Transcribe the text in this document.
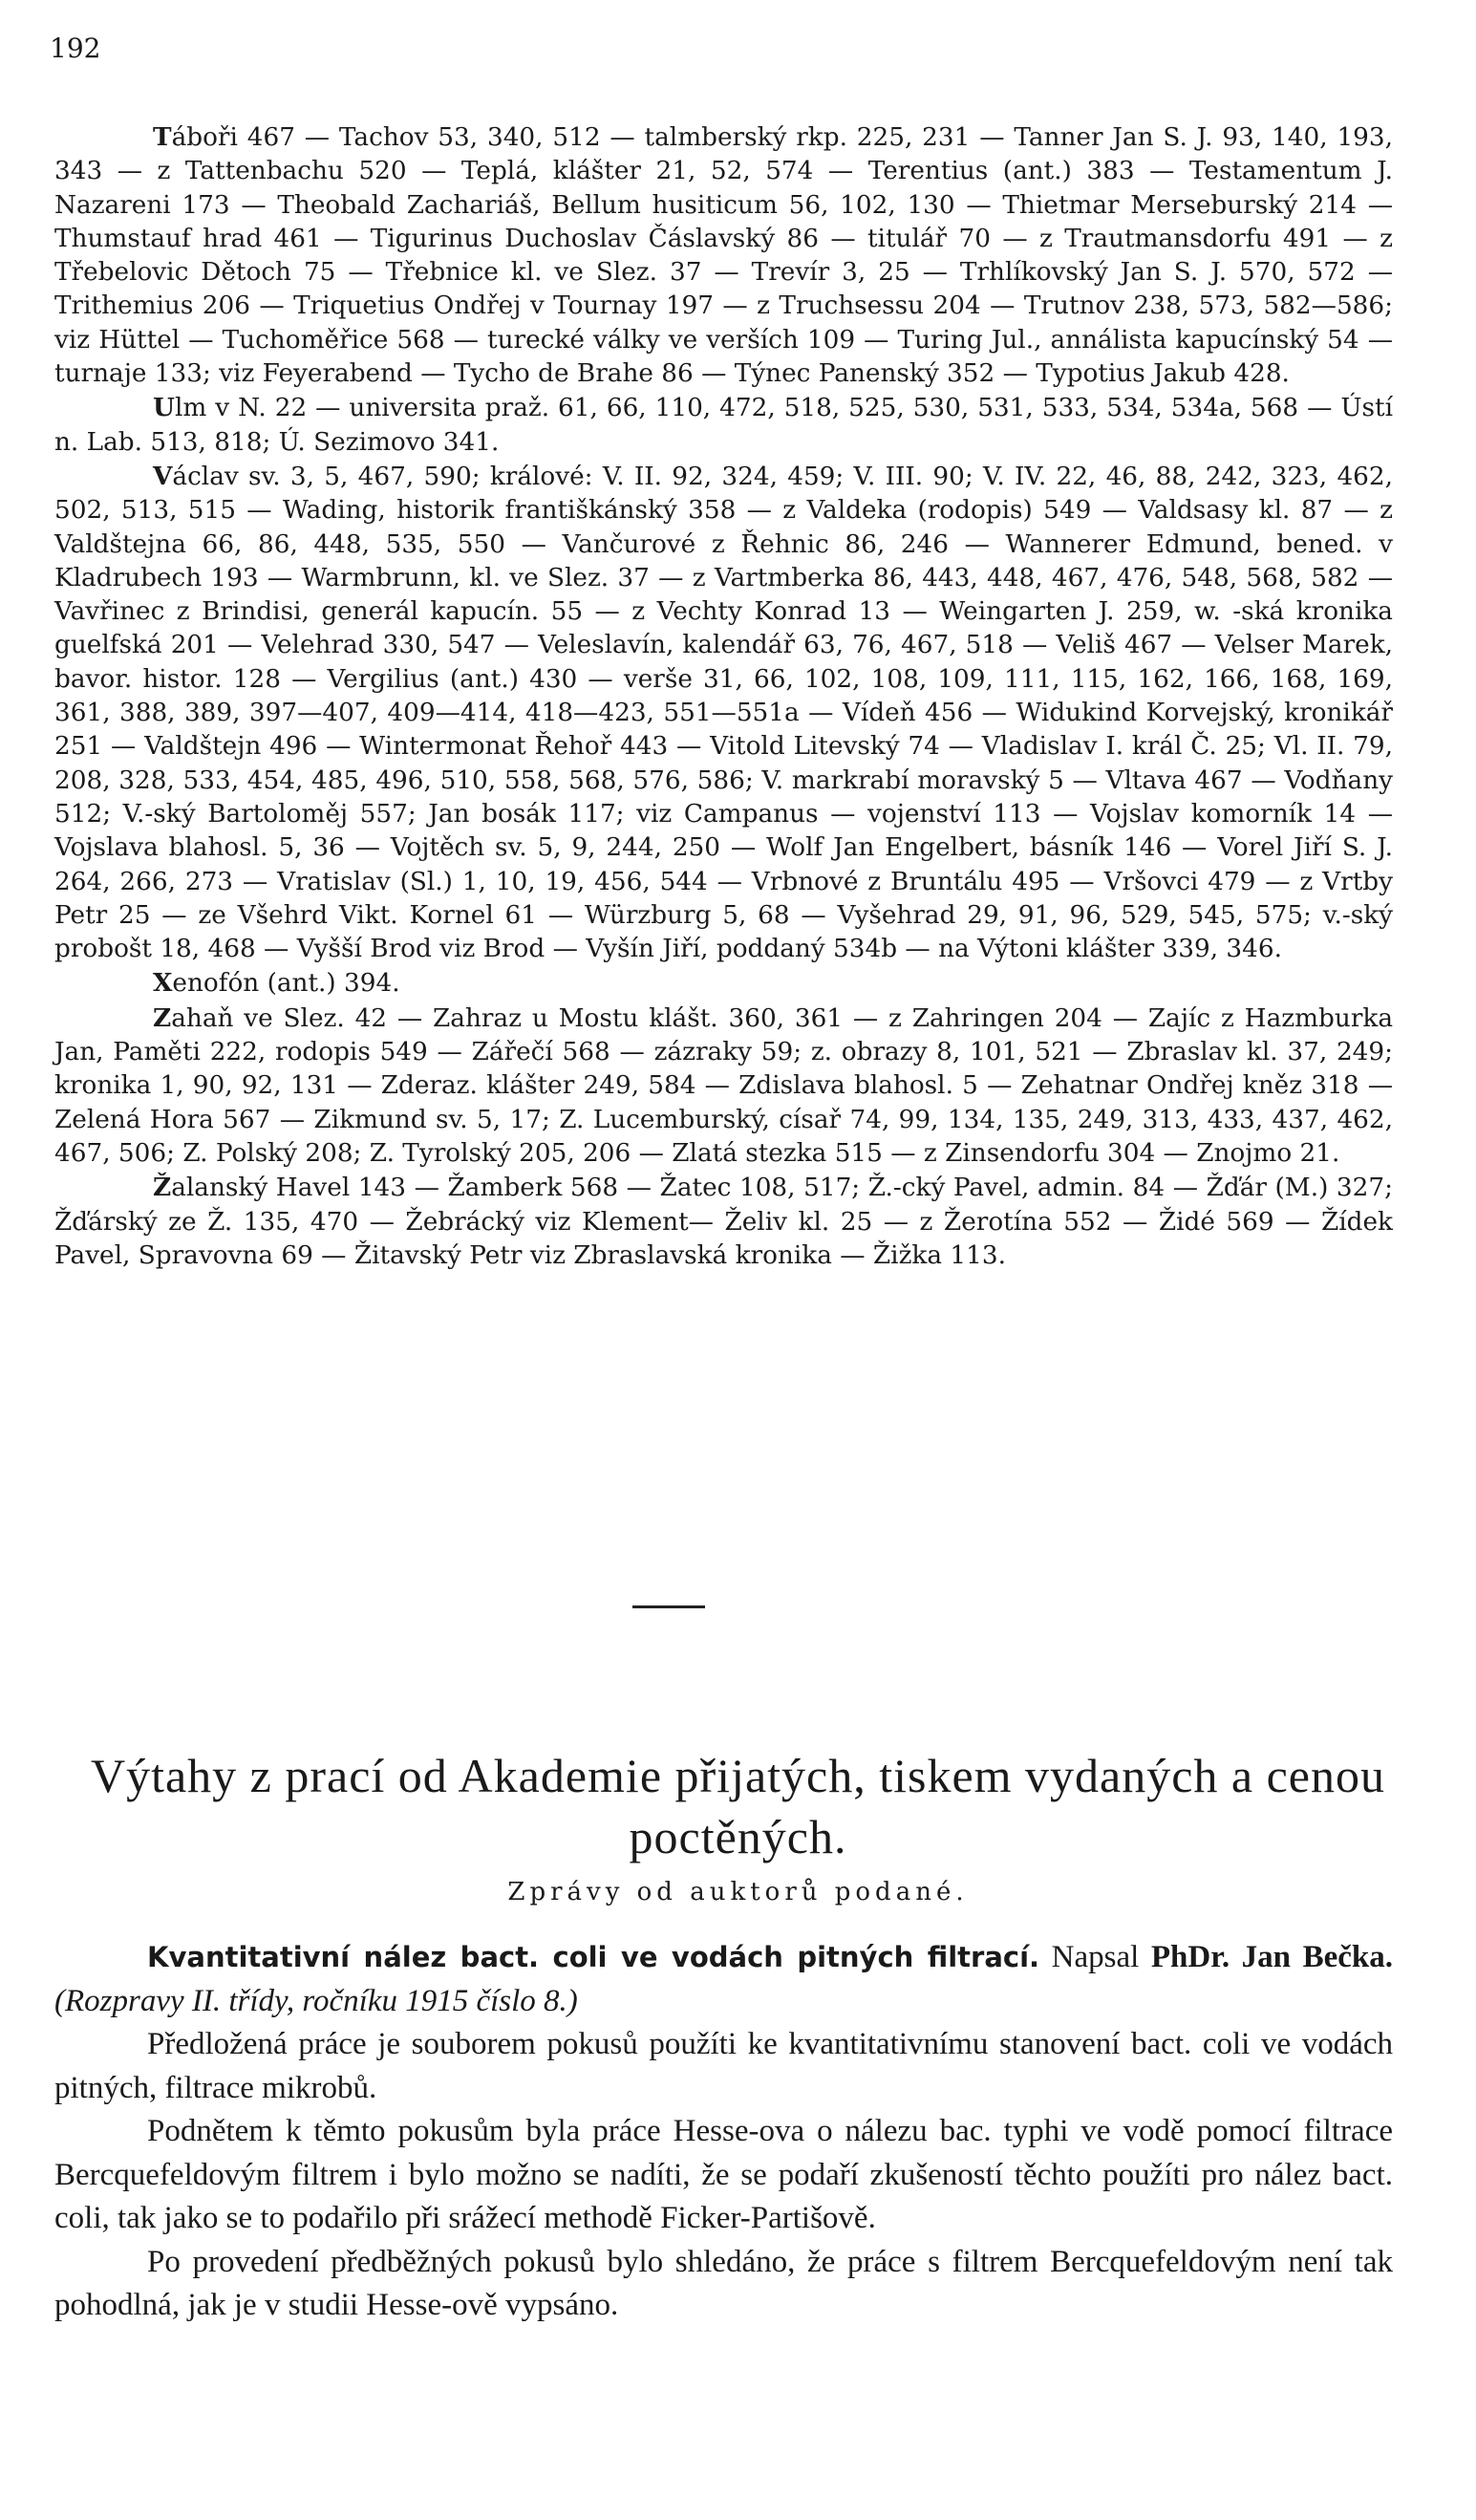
192

Táboři 467 — Tachov 53, 340, 512 — talmberský rkp. 225, 231 — Tanner Jan S. J. 93, 140, 193, 343 — z Tattenbachu 520 — Teplá, klášter 21, 52, 574 — Terentius (ant.) 383 — Testamentum J. Nazareni 173 — Theobald Zachariáš, Bellum husiticum 56, 102, 130 — Thietmar Merseburský 214 — Thumstauf hrad 461 — Tigurinus Duchoslav Čáslavský 86 — titulář 70 — z Trautmansdorfu 491 — z Třebelovic Dětoch 75 — Třebnice kl. ve Slez. 37 — Trevír 3, 25 — Trhlíkovský Jan S. J. 570, 572 — Trithemius 206 — Triquetius Ondřej v Tournay 197 — z Truchsessu 204 — Trutnov 238, 573, 582—586; viz Hüttel — Tuchoměřice 568 — turecké války ve verších 109 — Turing Jul., annálista kapucínský 54 — turnaje 133; viz Feyerabend — Tycho de Brahe 86 — Týnec Panenský 352 — Typotius Jakub 428.

Ulm v N. 22 — universita praž. 61, 66, 110, 472, 518, 525, 530, 531, 533, 534, 534a, 568 — Ústí n. Lab. 513, 818; Ú. Sezimovo 341.

Václav sv. 3, 5, 467, 590; králové: V. II. 92, 324, 459; V. III. 90; V. IV. 22, 46, 88, 242, 323, 462, 502, 513, 515 — Wading, historik františkánský 358 — z Valdeka (rodopis) 549 — Valdsasy kl. 87 — z Valdštejna 66, 86, 448, 535, 550 — Vančurové z Řehnic 86, 246 — Wannerer Edmund, bened. v Kladrubech 193 — Warmbrunn, kl. ve Slez. 37 — z Vartmberka 86, 443, 448, 467, 476, 548, 568, 582 — Vavřinec z Brindisi, generál kapucín. 55 — z Vechty Konrad 13 — Weingarten J. 259, w. -ská kronika guelfská 201 — Velehrad 330, 547 — Veleslavín, kalendář 63, 76, 467, 518 — Veliš 467 — Velser Marek, bavor. histor. 128 — Vergilius (ant.) 430 — verše 31, 66, 102, 108, 109, 111, 115, 162, 166, 168, 169, 361, 388, 389, 397—407, 409—414, 418—423, 551—551a — Vídeň 456 — Widukind Korvejský, kronikář 251 — Valdštejn 496 — Wintermonat Řehoř 443 — Vitold Litevský 74 — Vladislav I. král Č. 25; Vl. II. 79, 208, 328, 533, 454, 485, 496, 510, 558, 568, 576, 586; V. markrabí moravský 5 — Vltava 467 — Vodňany 512; V.-ský Bartoloměj 557; Jan bosák 117; viz Campanus — vojenství 113 — Vojslav komorník 14 — Vojslava blahosl. 5, 36 — Vojtěch sv. 5, 9, 244, 250 — Wolf Jan Engelbert, básník 146 — Vorel Jiří S. J. 264, 266, 273 — Vratislav (Sl.) 1, 10, 19, 456, 544 — Vrbnové z Bruntálu 495 — Vršovci 479 — z Vrtby Petr 25 — ze Všehrd Vikt. Kornel 61 — Würzburg 5, 68 — Vyšehrad 29, 91, 96, 529, 545, 575; v.-ský probošt 18, 468 — Vyšší Brod viz Brod — Vyšín Jiří, poddaný 534b — na Výtoni klášter 339, 346.

Xenofón (ant.) 394.

Zahaň ve Slez. 42 — Zahraz u Mostu klášt. 360, 361 — z Zahringen 204 — Zajíc z Hazmburka Jan, Paměti 222, rodopis 549 — Zářečí 568 — zázraky 59; z. obrazy 8, 101, 521 — Zbraslav kl. 37, 249; kronika 1, 90, 92, 131 — Zderaz. klášter 249, 584 — Zdislava blahosl. 5 — Zehatnar Ondřej kněz 318 — Zelená Hora 567 — Zikmund sv. 5, 17; Z. Lucemburský, císař 74, 99, 134, 135, 249, 313, 433, 437, 462, 467, 506; Z. Polský 208; Z. Tyrolský 205, 206 — Zlatá stezka 515 — z Zinsendorfu 304 — Znojmo 21.

Žalanský Havel 143 — Žamberk 568 — Žatec 108, 517; Ž.-cký Pavel, admin. 84 — Žďár (M.) 327; Žďárský ze Ž. 135, 470 — Žebrácký viz Klement— Želiv kl. 25 — z Žerotína 552 — Židé 569 — Žídek Pavel, Spravovna 69 — Žitavský Petr viz Zbraslavská kronika — Žižka 113.

Výtahy z prací od Akademie přijatých, tiskem vydaných a cenou poctěných.
Zprávy od auktorů podané.

Kvantitativní nález bact. coli ve vodách pitných filtrací. Napsal PhDr. Jan Bečka. (Rozpravy II. třídy, ročníku 1915 číslo 8.)

Předložená práce je souborem pokusů použíti ke kvantitativnímu stanovení bact. coli ve vodách pitných, filtrace mikrobů.

Podnětem k těmto pokusům byla práce Hesse-ova o nálezu bac. typhi ve vodě pomocí filtrace Bercquefeldovým filtrem i bylo možno se nadíti, že se podaří zkušeností těchto použíti pro nález bact. coli, tak jako se to podařilo při srážecí methodě Ficker-Partišově.

Po provedení předběžných pokusů bylo shledáno, že práce s filtrem Bercquefeldovým není tak pohodlná, jak je v studii Hesse-ově vypsáno.
